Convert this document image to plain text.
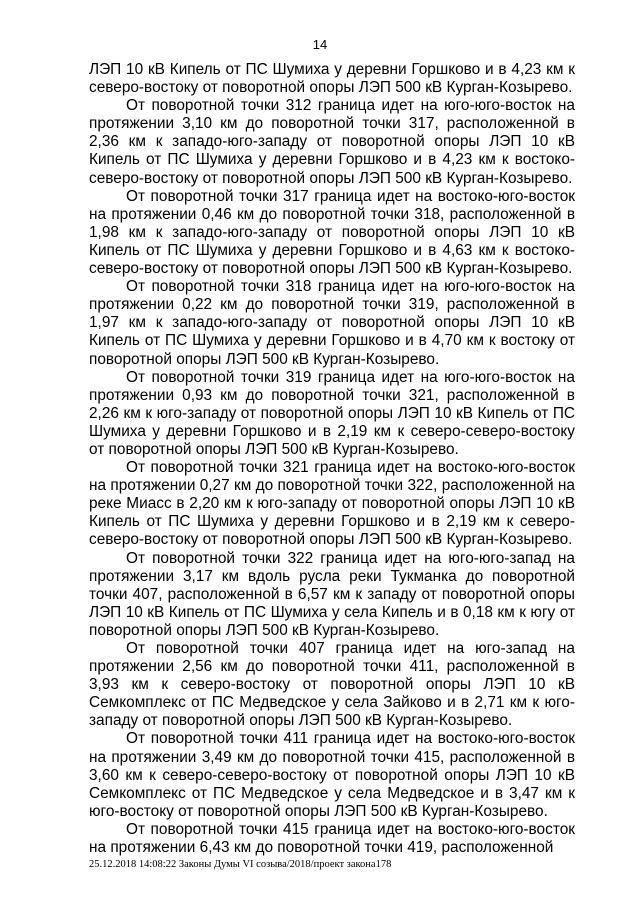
14

ЛЭП 10 кВ Кипель от ПС Шумиха у деревни Горшково и в 4,23 км к северо-востоку от поворотной опоры ЛЭП 500 кВ Курган-Козырево.

От поворотной точки 312 граница идет на юго-юго-восток на протяжении 3,10 км до поворотной точки 317, расположенной в 2,36 км к западо-юго-западу от поворотной опоры ЛЭП 10 кВ Кипель от ПС Шумиха у деревни Горшково и в 4,23 км к востоко-северо-востоку от поворотной опоры ЛЭП 500 кВ Курган-Козырево.

От поворотной точки 317 граница идет на востоко-юго-восток на протяжении 0,46 км до поворотной точки 318, расположенной в 1,98 км к западо-юго-западу от поворотной опоры ЛЭП 10 кВ Кипель от ПС Шумиха у деревни Горшково и в 4,63 км к востоко-северо-востоку от поворотной опоры ЛЭП 500 кВ Курган-Козырево.

От поворотной точки 318 граница идет на юго-юго-восток на протяжении 0,22 км до поворотной точки 319, расположенной в 1,97 км к западо-юго-западу от поворотной опоры ЛЭП 10 кВ Кипель от ПС Шумиха у деревни Горшково и в 4,70 км к востоку от поворотной опоры ЛЭП 500 кВ Курган-Козырево.

От поворотной точки 319 граница идет на юго-юго-восток на протяжении 0,93 км до поворотной точки 321, расположенной в 2,26 км к юго-западу от поворотной опоры ЛЭП 10 кВ Кипель от ПС Шумиха у деревни Горшково и в 2,19 км к северо-северо-востоку от поворотной опоры ЛЭП 500 кВ Курган-Козырево.

От поворотной точки 321 граница идет на востоко-юго-восток на протяжении 0,27 км до поворотной точки 322, расположенной на реке Миасс в 2,20 км к юго-западу от поворотной опоры ЛЭП 10 кВ Кипель от ПС Шумиха у деревни Горшково и в 2,19 км к северо-северо-востоку от поворотной опоры ЛЭП 500 кВ Курган-Козырево.

От поворотной точки 322 граница идет на юго-юго-запад на протяжении 3,17 км вдоль русла реки Тукманка до поворотной точки 407, расположенной в 6,57 км к западу от поворотной опоры ЛЭП 10 кВ Кипель от ПС Шумиха у села Кипель и в 0,18 км к югу от поворотной опоры ЛЭП 500 кВ Курган-Козырево.

От поворотной точки 407 граница идет на юго-запад на протяжении 2,56 км до поворотной точки 411, расположенной в 3,93 км к северо-востоку от поворотной опоры ЛЭП 10 кВ Семкомплекс от ПС Медведское у села Зайково и в 2,71 км к юго-западу от поворотной опоры ЛЭП 500 кВ Курган-Козырево.

От поворотной точки 411 граница идет на востоко-юго-восток на протяжении 3,49 км до поворотной точки 415, расположенной в 3,60 км к северо-северо-востоку от поворотной опоры ЛЭП 10 кВ Семкомплекс от ПС Медведское у села Медведское и в 3,47 км к юго-востоку от поворотной опоры ЛЭП 500 кВ Курган-Козырево.

От поворотной точки 415 граница идет на востоко-юго-восток на протяжении 6,43 км до поворотной точки 419, расположенной

25.12.2018 14:08:22 Законы Думы VI созыва/2018/проект закона178
